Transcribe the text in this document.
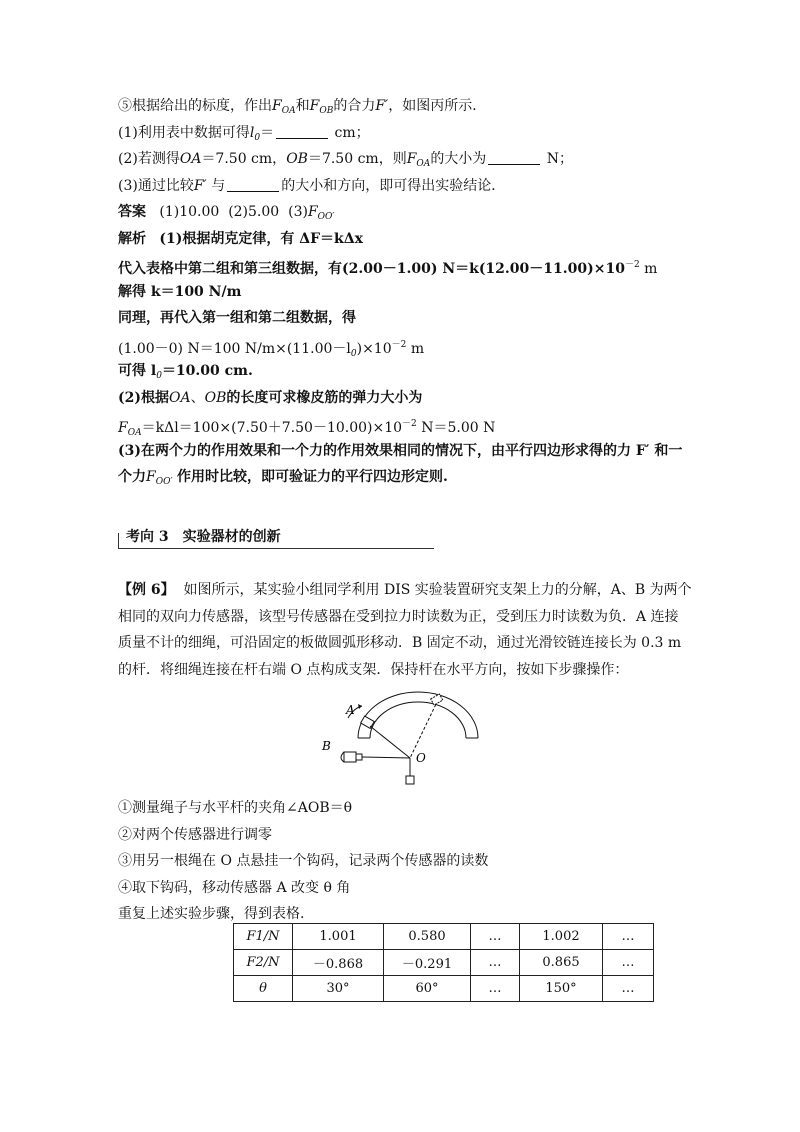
⑤根据给出的标度，作出$F_{OA}$和$F_{OB}$的合力F′，如图丙所示．
(1)利用表中数据可得$l_0=$	cm；
(2)若测得OA＝7.50 cm，OB＝7.50 cm，则$F_{OA}$的大小为	N；
(3)通过比较F′ 与	的大小和方向，即可得出实验结论．
答案 (1)10.00 (2)5.00 $(3)F_{OO'}$
解析 (1)根据胡克定律，有 ΔF＝kΔx
代入表格中第二组和第三组数据，有(2.00－1.00) $N=k(12.00-11.00)\times 10^{-2}$ m
解得 k＝100 N/m
同理，再代入第一组和第二组数据，得
(1.00－0) N＝100 $N/m\times(11.00-l_0)\times 10^{-2}$ m
可得 $l_0=10.00$ cm.
(2)根据OA、OB的长度可求橡皮筋的弹力大小为
$F_{OA}=k\Delta l=100\times(7.50+7.50-10.00)\times 10^{-2}$ N＝5.00 N
(3)在两个力的作用效果和一个力的作用效果相同的情况下，由平行四边形求得的力 F′ 和一
个力$F_{OO'}$ 作用时比较，即可验证力的平行四边形定则.
考向 3　实验器材的创新
【例 6】 如图所示，某实验小组同学利用 DIS 实验装置研究支架上力的分解，A、B 为两个
相同的双向力传感器，该型号传感器在受到拉力时读数为正，受到压力时读数为负．A 连接
质量不计的细绳，可沿固定的板做圆弧形移动．B 固定不动，通过光滑铰链连接长为 0.3 m
的杆．将细绳连接在杆右端 O 点构成支架．保持杆在水平方向，按如下步骤操作：
A
B
O
①测量绳子与水平杆的夹角∠AOB＝θ
②对两个传感器进行调零
③用另一根绳在 O 点悬挂一个钩码，记录两个传感器的读数
④取下钩码，移动传感器 A 改变 θ 角
重复上述实验步骤，得到表格.
F1/N	1.001	0.580	…	1.002	…
F2/N	－0.868	－0.291	…	0.865	…
θ	30°	60°	…	150°	…
